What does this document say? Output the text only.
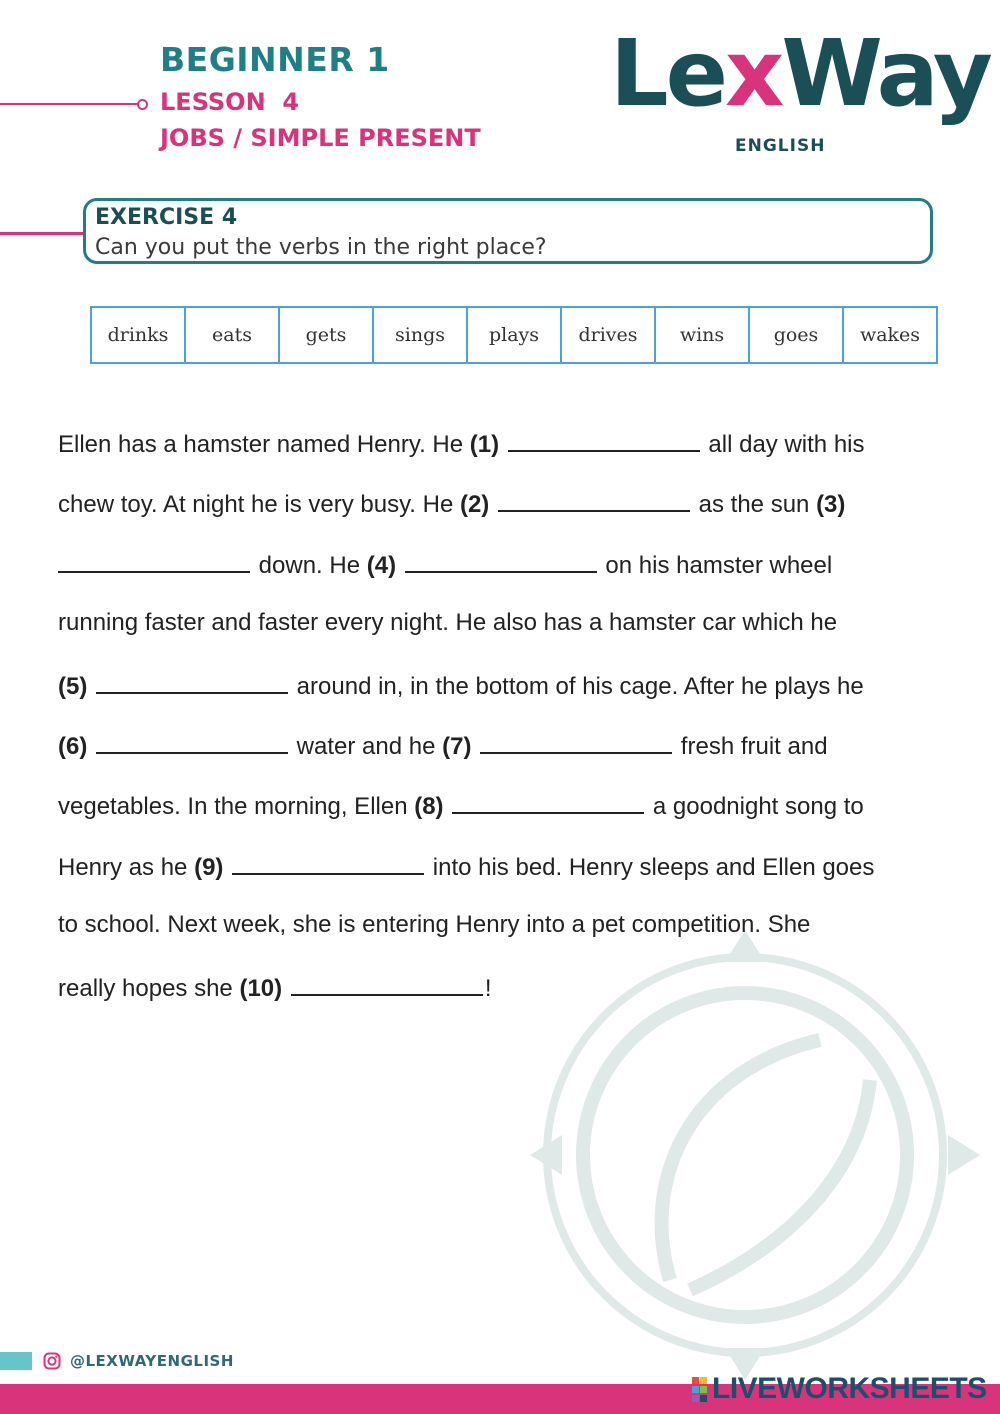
BEGINNER 1
LESSON  4
JOBS / SIMPLE PRESENT
LexWay
ENGLISH
EXERCISE 4
Can you put the verbs in the right place?
drinks	eats	gets	sings	plays	drives	wins	goes	wakes
Ellen has a hamster named Henry. He (1)	all day with his
chew toy. At night he is very busy. He (2)	as the sun (3)
down. He (4)	on his hamster wheel
running faster and faster every night. He also has a hamster car which he
(5)	around in, in the bottom of his cage. After he plays he
(6)	water and he (7)	fresh fruit and
vegetables. In the morning, Ellen (8)	a goodnight song to
Henry as he (9)	into his bed. Henry sleeps and Ellen goes
to school. Next week, she is entering Henry into a pet competition. She
really hopes she (10)	!
@LEXWAYENGLISH
LIVEWORKSHEETS
